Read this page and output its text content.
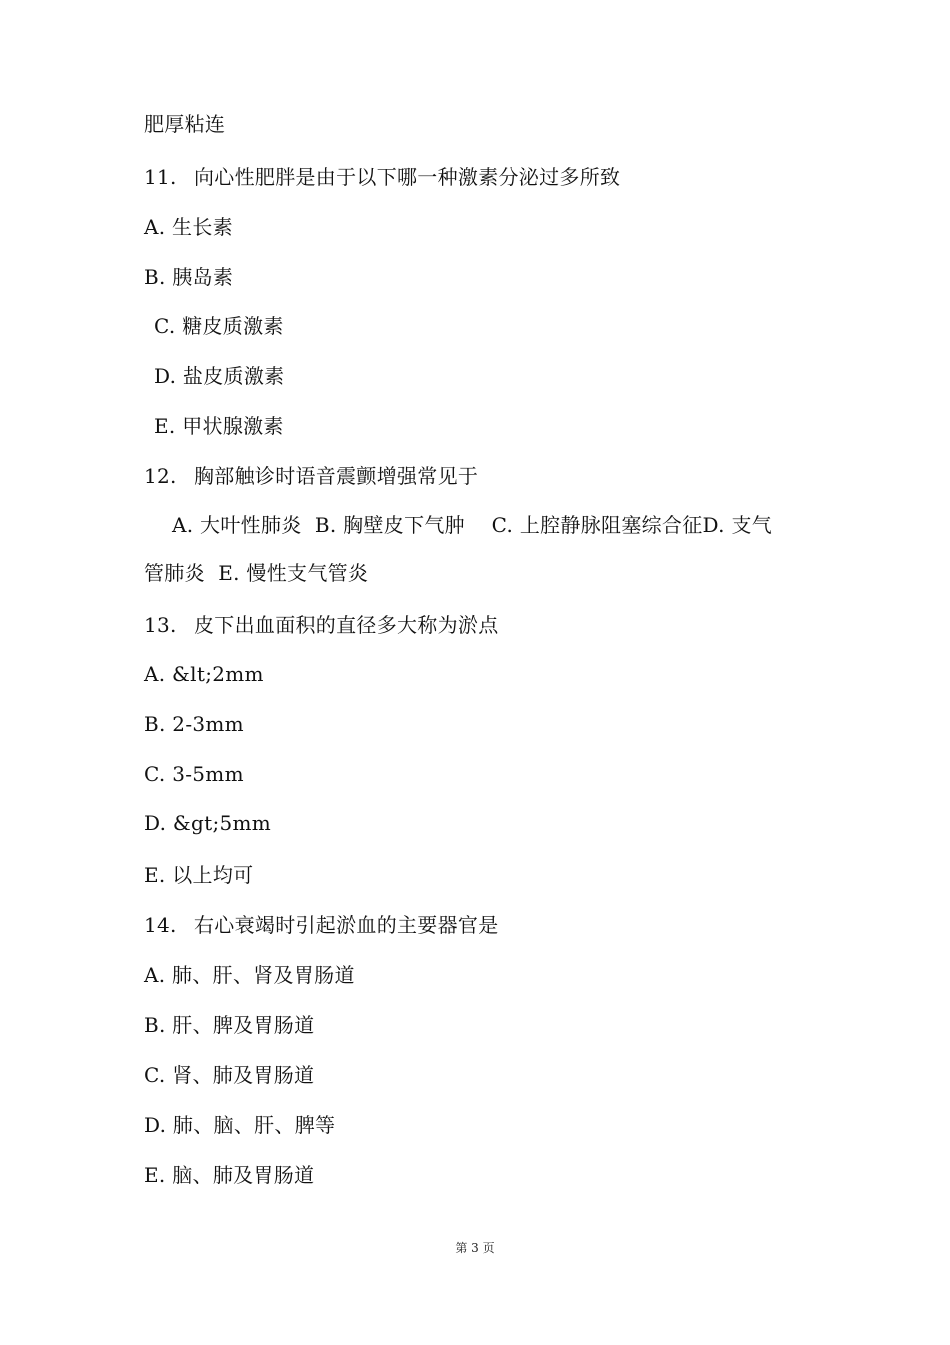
肥厚粘连
11. 向心性肥胖是由于以下哪一种激素分泌过多所致
A. 生长素
B. 胰岛素
C. 糖皮质激素
D. 盐皮质激素
E. 甲状腺激素
12. 胸部触诊时语音震颤增强常见于
A. 大叶性肺炎  B. 胸壁皮下气肿    C. 上腔静脉阻塞综合征D. 支气
管肺炎  E. 慢性支气管炎
13. 皮下出血面积的直径多大称为淤点
A. &lt;2mm
B. 2-3mm
C. 3-5mm
D. &gt;5mm
E. 以上均可
14. 右心衰竭时引起淤血的主要器官是
A. 肺、肝、肾及胃肠道
B. 肝、脾及胃肠道
C. 肾、肺及胃肠道
D. 肺、脑、肝、脾等
E. 脑、肺及胃肠道
第 3 页
